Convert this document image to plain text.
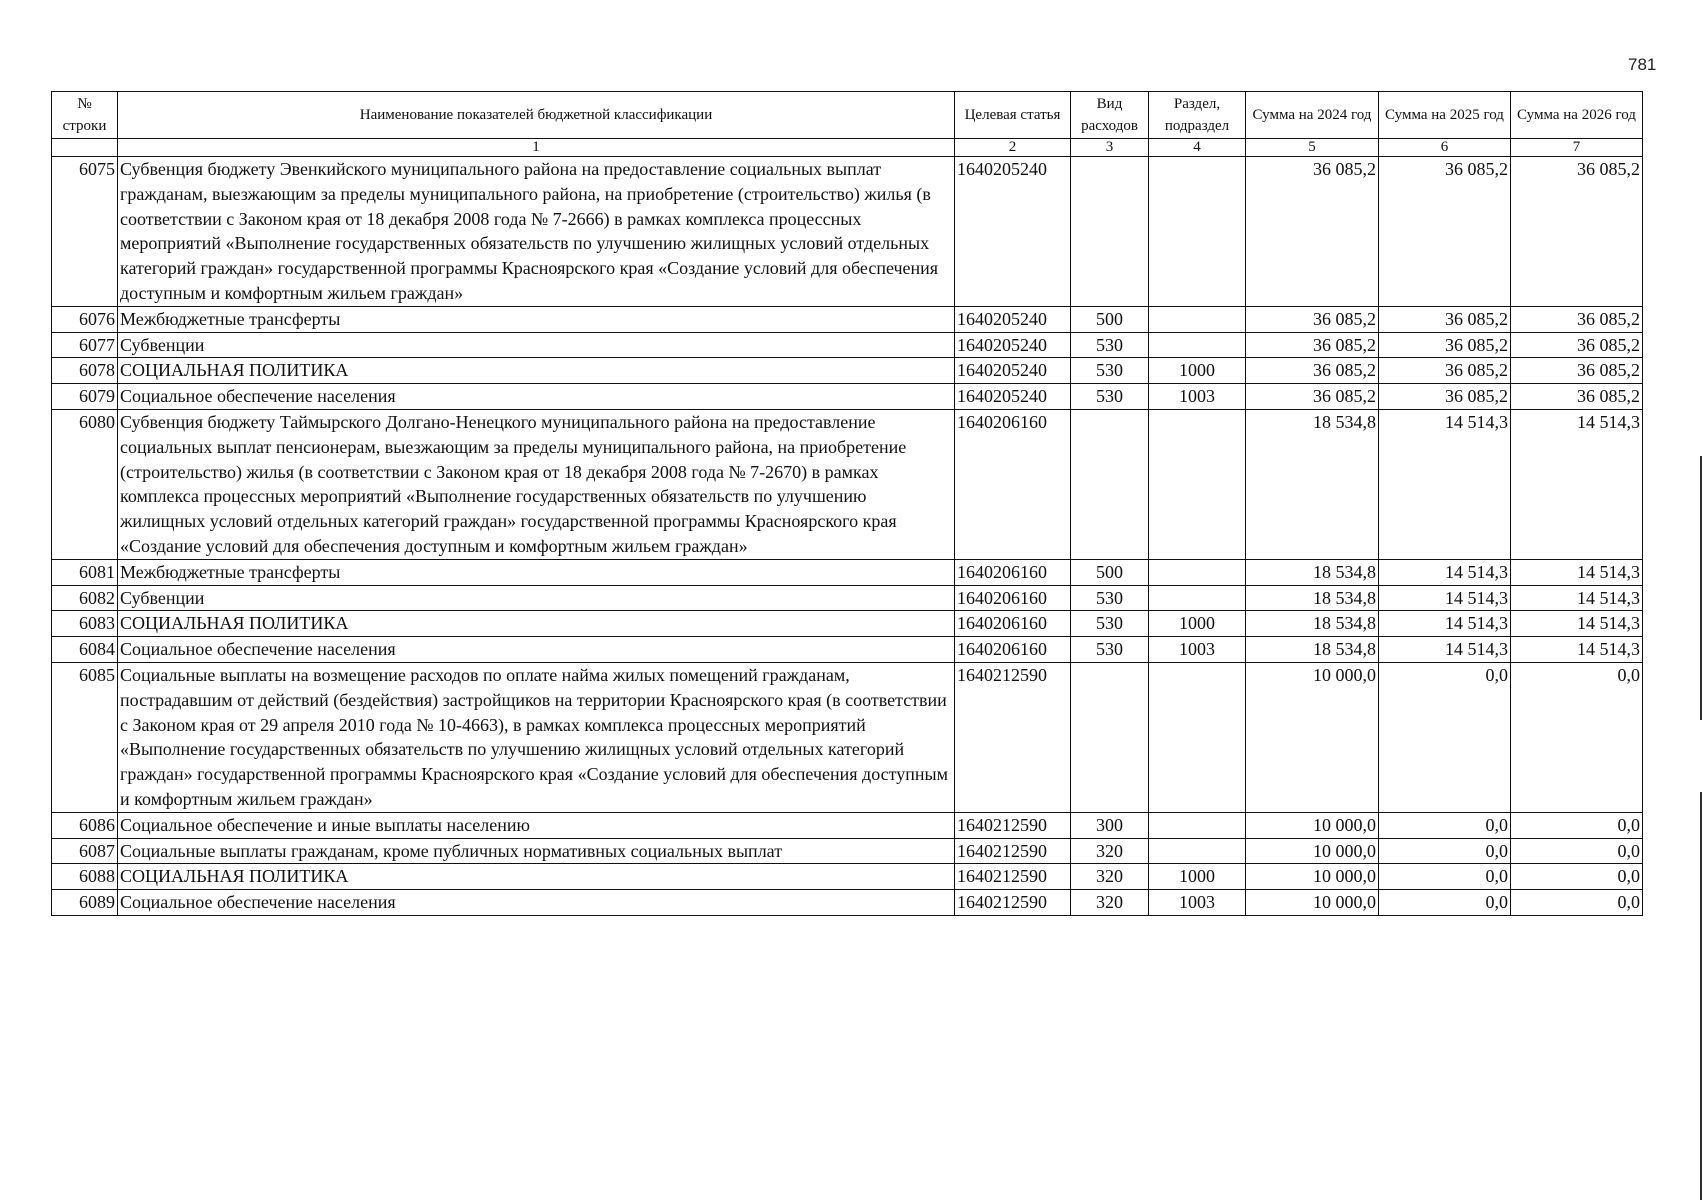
781
№ строки	Наименование показателей бюджетной классификации	Целевая статья	Вид расходов	Раздел, подраздел	Сумма на 2024 год	Сумма на 2025 год	Сумма на 2026 год
	1	2	3	4	5	6	7
6075	Субвенция бюджету Эвенкийского муниципального района на предоставление социальных выплат гражданам, выезжающим за пределы муниципального района, на приобретение (строительство) жилья (в соответствии с Законом края от 18 декабря 2008 года № 7-2666) в рамках комплекса процессных мероприятий «Выполнение государственных обязательств по улучшению жилищных условий отдельных категорий граждан» государственной программы Красноярского края «Создание условий для обеспечения доступным и комфортным жильем граждан»	1640205240			36 085,2	36 085,2	36 085,2
6076	Межбюджетные трансферты	1640205240	500		36 085,2	36 085,2	36 085,2
6077	Субвенции	1640205240	530		36 085,2	36 085,2	36 085,2
6078	СОЦИАЛЬНАЯ ПОЛИТИКА	1640205240	530	1000	36 085,2	36 085,2	36 085,2
6079	Социальное обеспечение населения	1640205240	530	1003	36 085,2	36 085,2	36 085,2
6080	Субвенция бюджету Таймырского Долгано-Ненецкого муниципального района на предоставление социальных выплат пенсионерам, выезжающим за пределы муниципального района, на приобретение (строительство) жилья (в соответствии с Законом края от 18 декабря 2008 года № 7-2670) в рамках комплекса процессных мероприятий «Выполнение государственных обязательств по улучшению жилищных условий отдельных категорий граждан» государственной программы Красноярского края «Создание условий для обеспечения доступным и комфортным жильем граждан»	1640206160			18 534,8	14 514,3	14 514,3
6081	Межбюджетные трансферты	1640206160	500		18 534,8	14 514,3	14 514,3
6082	Субвенции	1640206160	530		18 534,8	14 514,3	14 514,3
6083	СОЦИАЛЬНАЯ ПОЛИТИКА	1640206160	530	1000	18 534,8	14 514,3	14 514,3
6084	Социальное обеспечение населения	1640206160	530	1003	18 534,8	14 514,3	14 514,3
6085	Социальные выплаты на возмещение расходов по оплате найма жилых помещений гражданам, пострадавшим от действий (бездействия) застройщиков на территории Красноярского края (в соответствии с Законом края от 29 апреля 2010 года № 10-4663), в рамках комплекса процессных мероприятий «Выполнение государственных обязательств по улучшению жилищных условий отдельных категорий граждан» государственной программы Красноярского края «Создание условий для обеспечения доступным и комфортным жильем граждан»	1640212590			10 000,0	0,0	0,0
6086	Социальное обеспечение и иные выплаты населению	1640212590	300		10 000,0	0,0	0,0
6087	Социальные выплаты гражданам, кроме публичных нормативных социальных выплат	1640212590	320		10 000,0	0,0	0,0
6088	СОЦИАЛЬНАЯ ПОЛИТИКА	1640212590	320	1000	10 000,0	0,0	0,0
6089	Социальное обеспечение населения	1640212590	320	1003	10 000,0	0,0	0,0
